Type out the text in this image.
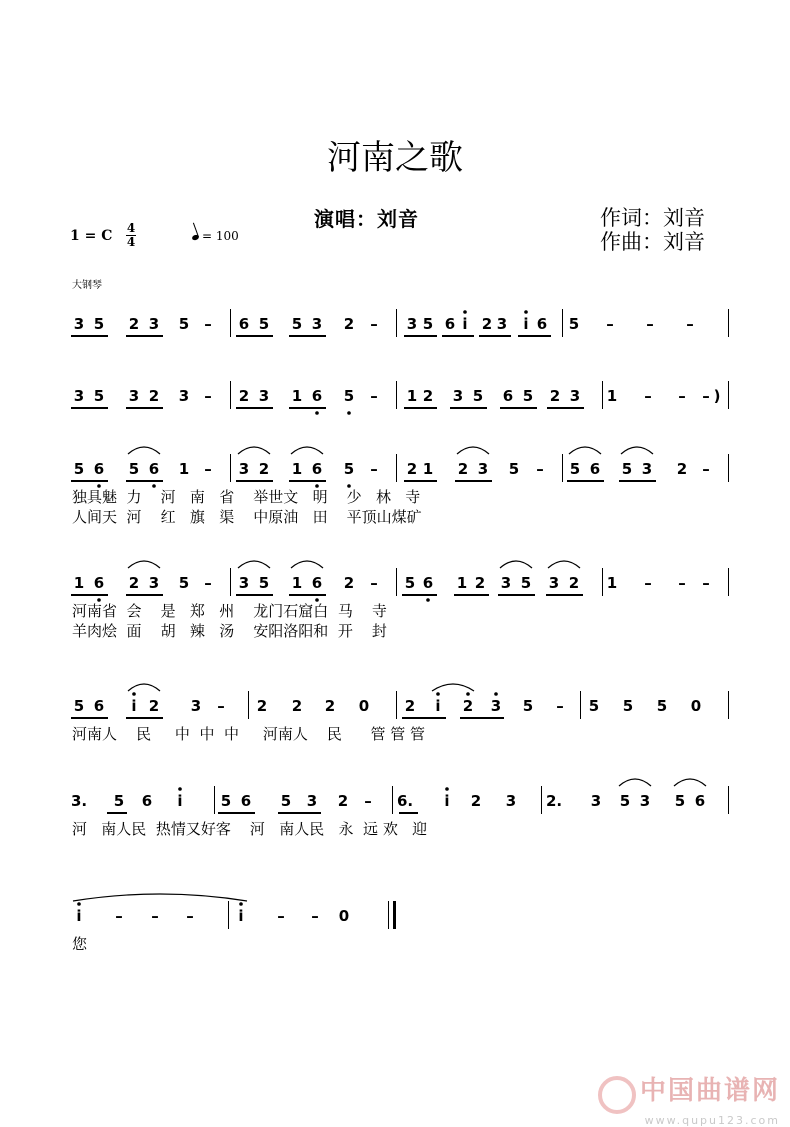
河南之歌
演唱：刘音	作词：刘音
作曲：刘音
1 = C 4
4	= 100
大钢琴
3 5 2 3 5 – 6 5 5 3 2 – 3 5 6 i 2 3	i 6 5 – – –
3 5 3 2 3 – 2 3 1 6 5 – 1 2 3 5 6 5 2 3 1 – – – )
5 6 5 6 1 – 3 2 1 6 5 – 2 1 2 3 5 – 5 6 5 3 2 –
独具魅  力    河   南   省    举世文   明    少   林   寺
人间天  河    红   旗   渠    中原油   田    平顶山煤矿
1 6 2 3 5 – 3 5 1 6 2 – 5 6 1 2 3 5 3 2 1 – – –
河南省  会    是   郑   州    龙门石窟白  马    寺
羊肉烩  面    胡   辣   汤    安阳洛阳和  开    封
5 6	i 2 3 – 2 2 2 0 2	i	2 3 5 – 5 5 5 0
河南人    民     中  中  中     河南人    民      管 管 管
3. 5 6	i	5 6 5 3 2 – 6.	i	2 3 2. 3 5 3 5 6
河   南人民  热情又好客    河   南人民   永  远 欢   迎
i	– – –	i	– – 0
您
中国曲谱网
www.qupu123.com
